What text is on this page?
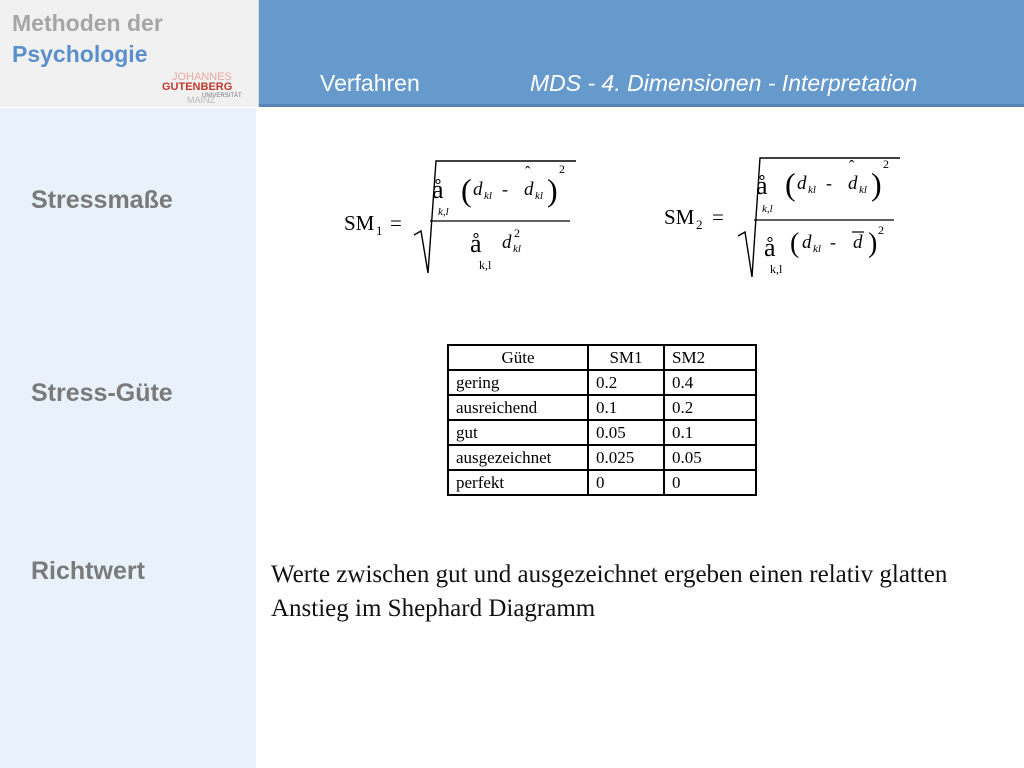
Methoden der
Psychologie
JOHANNES
GUTENBERG
UNIVERSITÄT
MAINZ
Verfahren	MDS - 4. Dimensionen - Interpretation
Stressmaße
Stress-Güte
Richtwert
SM 1 =
å
k,l
( d kl - d
ˆ
kl )
2
å d kl
2
k,l
SM 2 =
å
k,l
( d kl - d
ˆ
kl )
2
å
k,l
( d kl - d ) 2
Güte	SM1	SM2
gering	0.2	0.4
ausreichend	0.1	0.2
gut	0.05	0.1
ausgezeichnet	0.025	0.05
perfekt	0	0
Werte zwischen gut und ausgezeichnet ergeben einen relativ glatten Anstieg im Shephard Diagramm
